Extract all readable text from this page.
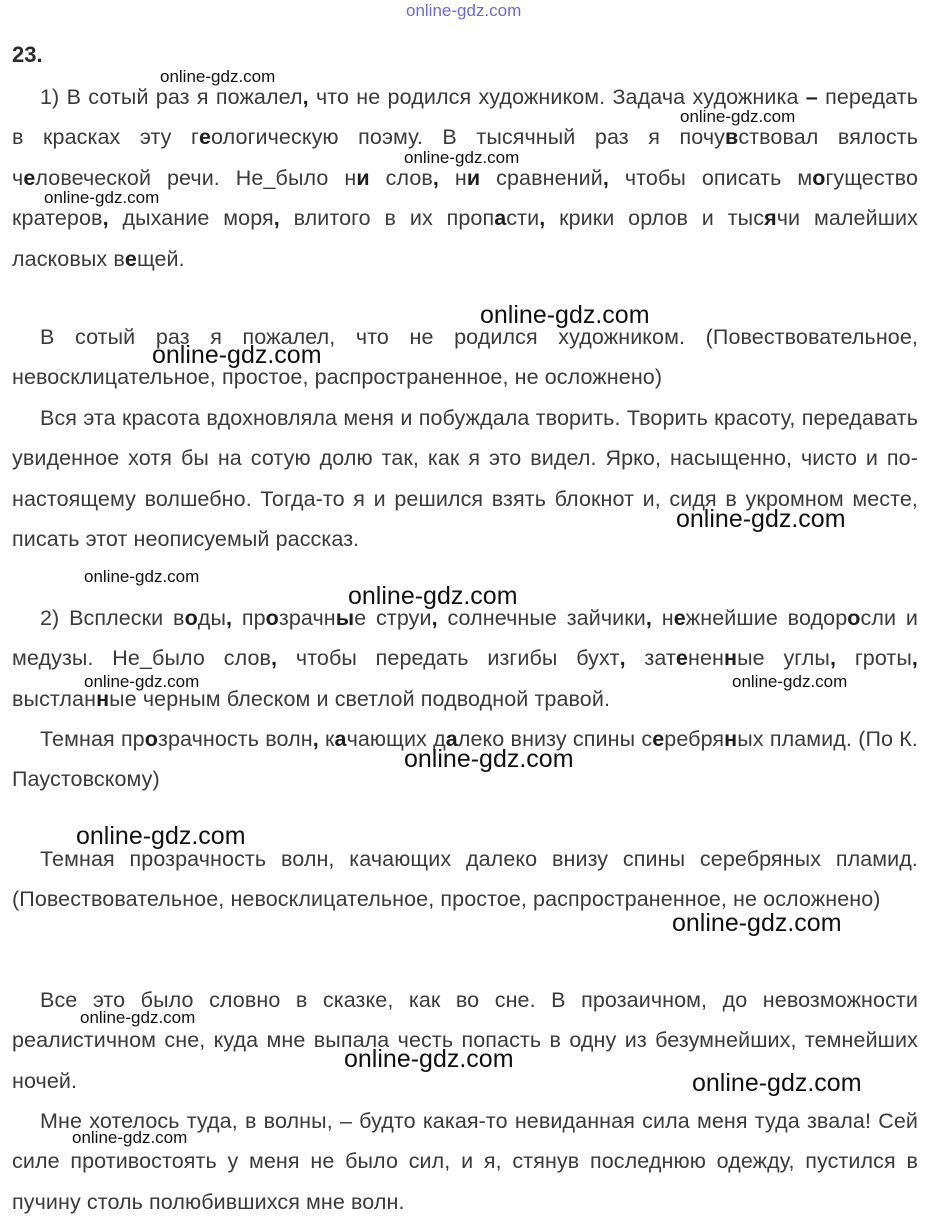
online-gdz.com
23.

1) В сотый раз я пожалел, что не родился художником. Задача художника – передать в красках эту геологическую поэму. В тысячный раз я почувствовал вялость человеческой речи. Не_было ни слов, ни сравнений, чтобы описать могущество кратеров, дыхание моря, влитого в их пропасти, крики орлов и тысячи малейших ласковых вещей.

В сотый раз я пожалел, что не родился художником. (Повествовательное, невосклицательное, простое, распространенное, не осложнено)

Вся эта красота вдохновляла меня и побуждала творить. Творить красоту, передавать увиденное хотя бы на сотую долю так, как я это видел. Ярко, насыщенно, чисто и по-настоящему волшебно. Тогда-то я и решился взять блокнот и, сидя в укромном месте, писать этот неописуемый рассказ.

2) Всплески воды, прозрачные струи, солнечные зайчики, нежнейшие водоросли и медузы. Не_было слов, чтобы передать изгибы бухт, затененные углы, гроты, выстланные черным блеском и светлой подводной травой.

Темная прозрачность волн, качающих далеко внизу спины серебряных пламид. (По К. Паустовскому)

Темная прозрачность волн, качающих далеко внизу спины серебряных пламид. (Повествовательное, невосклицательное, простое, распространенное, не осложнено)

Все это было словно в сказке, как во сне. В прозаичном, до невозможности реалистичном сне, куда мне выпала честь попасть в одну из безумнейших, темнейших ночей.

Мне хотелось туда, в волны, – будто какая-то невиданная сила меня туда звала! Сей силе противостоять у меня не было сил, и я, стянув последнюю одежду, пустился в пучину столь полюбившихся мне волн.

online-gdz.com
online-gdz.com
online-gdz.com
online-gdz.com
online-gdz.com
online-gdz.com
online-gdz.com
online-gdz.com
online-gdz.com
online-gdz.com	online-gdz.com
online-gdz.com
online-gdz.com
online-gdz.com
online-gdz.com
online-gdz.com
online-gdz.com
online-gdz.com
